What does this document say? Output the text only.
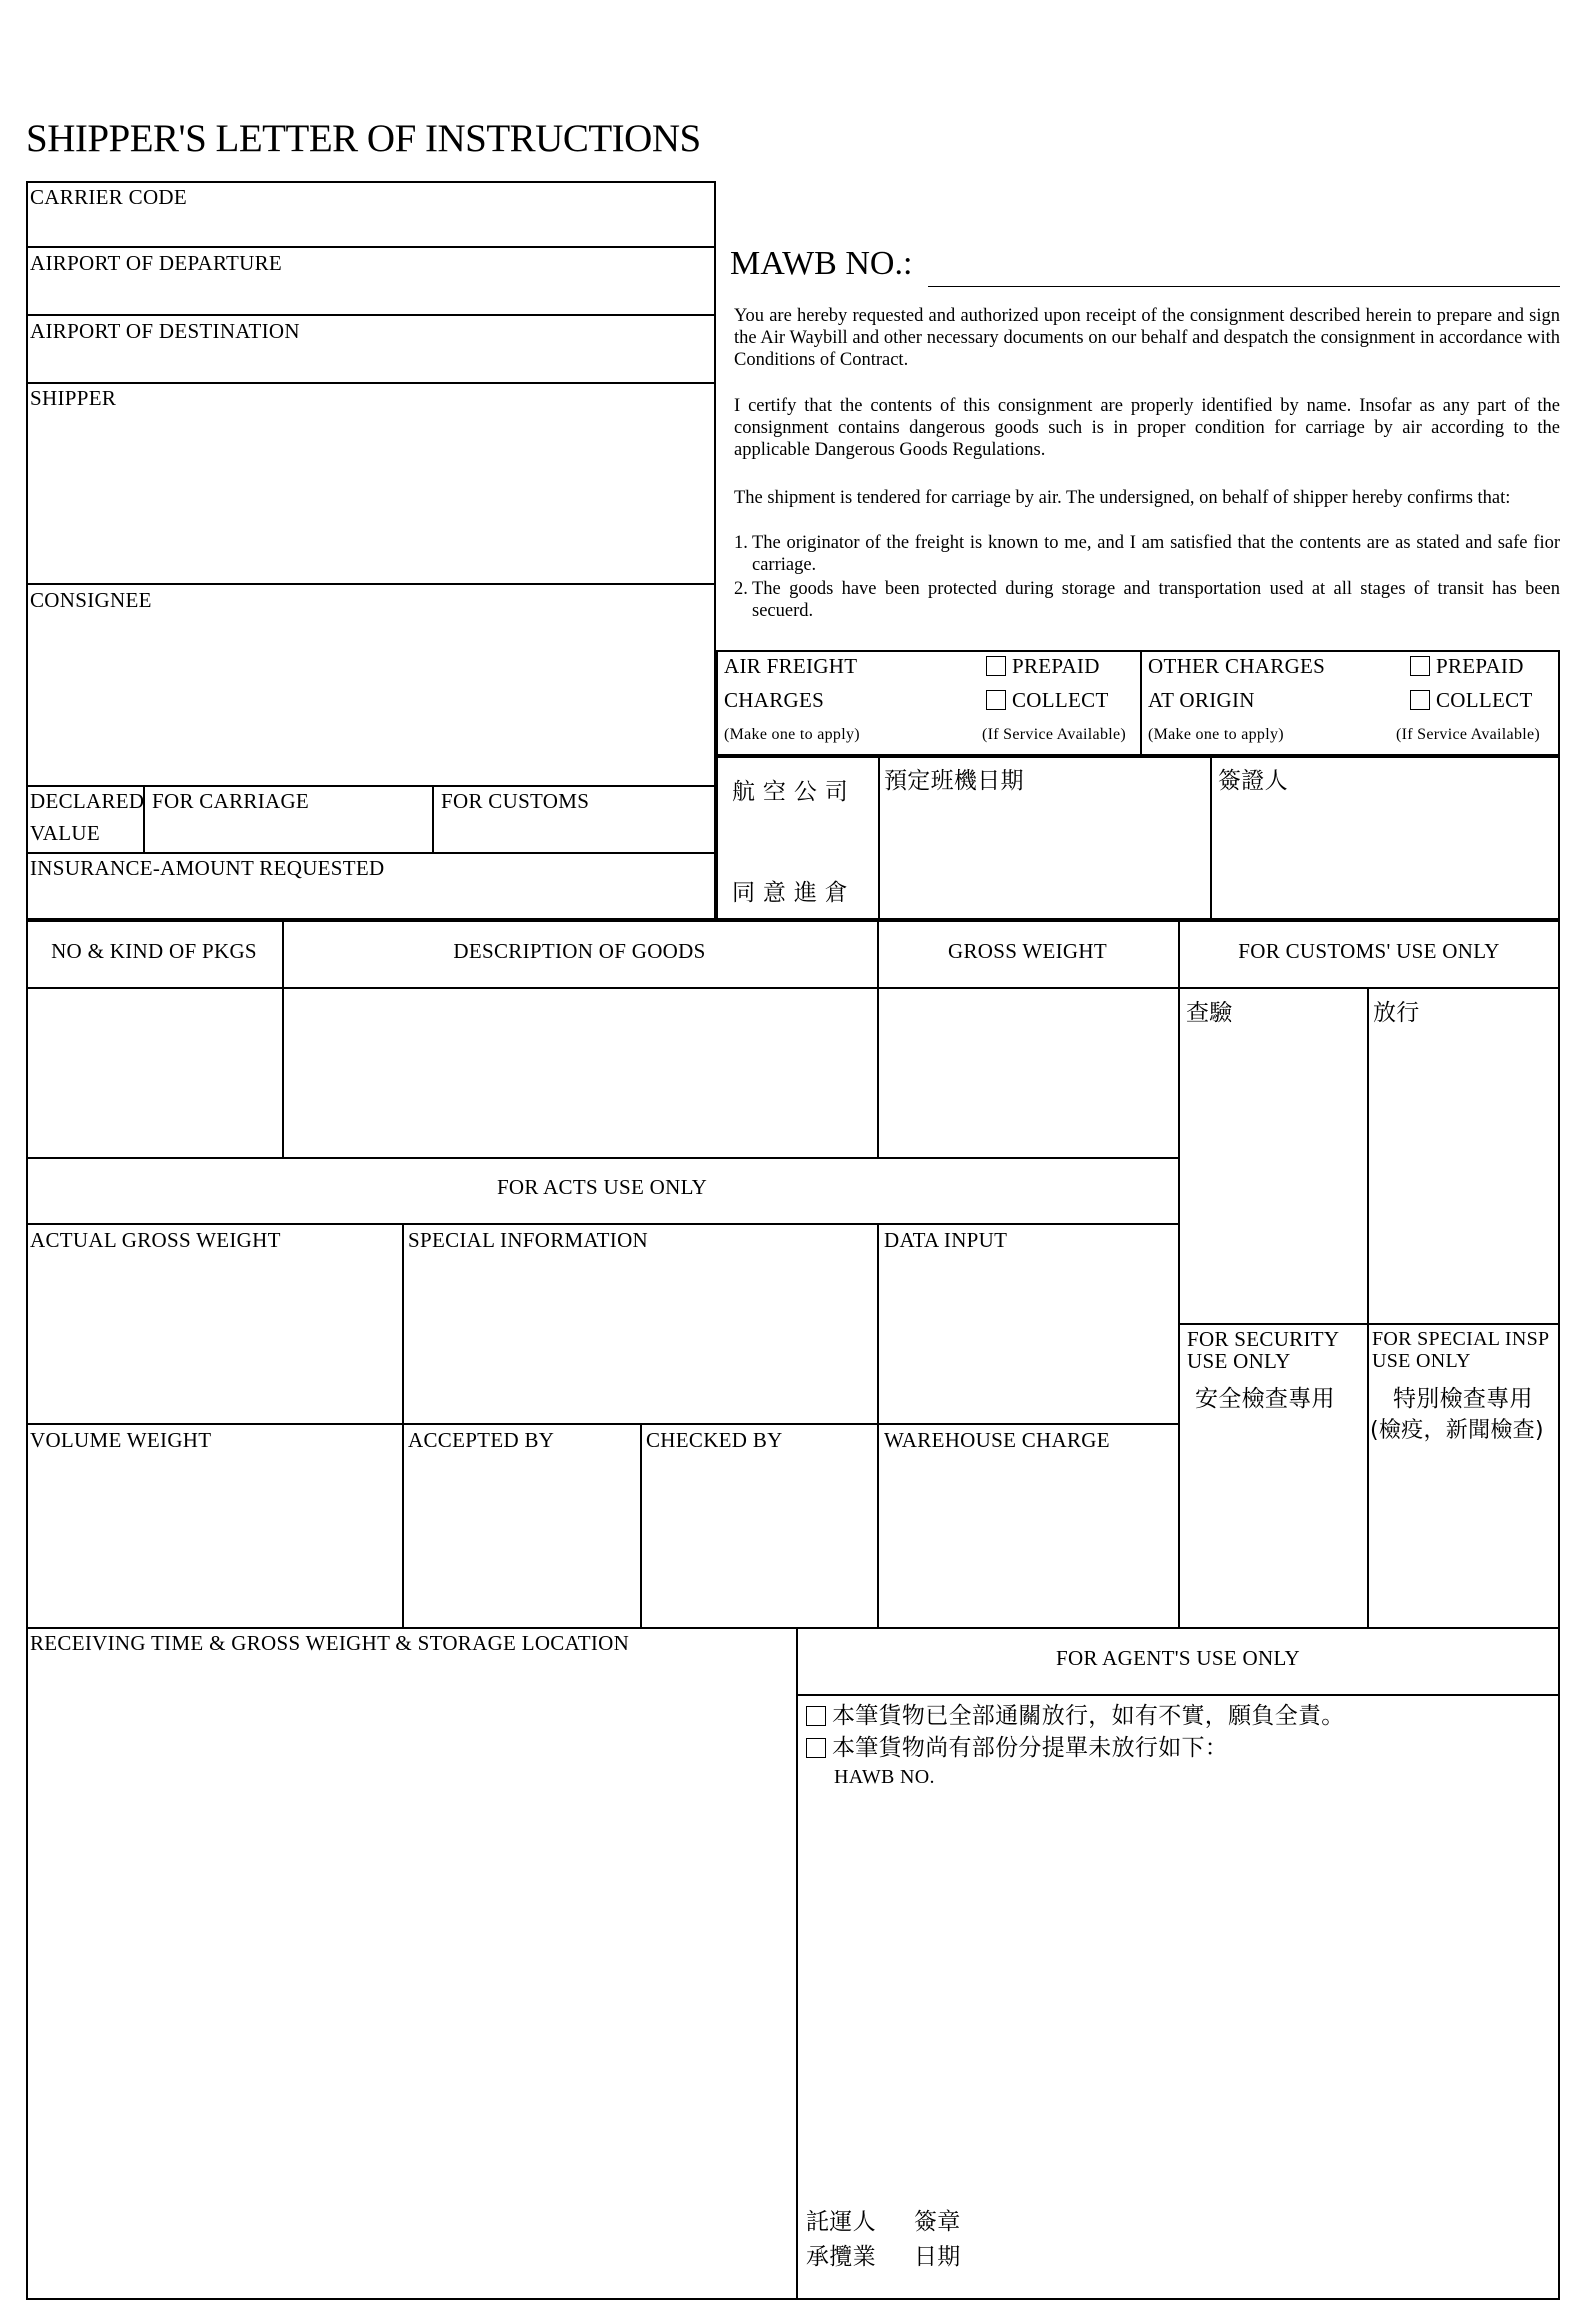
SHIPPER'S LETTER OF INSTRUCTIONS
CARRIER CODE
AIRPORT OF DEPARTURE
AIRPORT OF DESTINATION
SHIPPER
CONSIGNEE
DECLARED
VALUE
FOR CARRIAGE	FOR CUSTOMS
INSURANCE-AMOUNT REQUESTED
MAWB NO.:
You are hereby requested and authorized upon receipt of the consignment described herein to prepare and sign the Air Waybill and other necessary documents on our behalf and despatch the consignment in accordance with Conditions of Contract.
I certify that the contents of this consignment are properly identified by name. Insofar as any part of the consignment contains dangerous goods such is in proper condition for carriage by air according to the applicable Dangerous Goods Regulations.
The shipment is tendered for carriage by air. The undersigned, on behalf of shipper hereby confirms that:
1. The originator of the freight is known to me, and I am satisfied that the contents are as stated and safe fior carriage.
2. The goods have been protected during storage and transportation used at all stages of transit has been secuerd.
AIR FREIGHT
CHARGES
PREPAID
COLLECT
(Make one to apply)	(If Service Available)
OTHER CHARGES
AT ORIGIN
PREPAID
COLLECT
(Make one to apply)	(If Service Available)
航 空 公 司
同 意 進 倉
預定班機日期	簽證人
NO & KIND OF PKGS	DESCRIPTION OF GOODS	GROSS WEIGHT	FOR CUSTOMS' USE ONLY
查驗	放行
FOR SECURITY
USE ONLY
安全檢查專用
FOR SPECIAL INSP
USE ONLY
特別檢查專用
(檢疫，新聞檢查)
FOR ACTS USE ONLY
ACTUAL GROSS WEIGHT	SPECIAL INFORMATION	DATA INPUT
VOLUME WEIGHT	ACCEPTED BY	CHECKED BY	WAREHOUSE CHARGE
RECEIVING TIME & GROSS WEIGHT & STORAGE LOCATION
FOR AGENT'S USE ONLY
本筆貨物已全部通關放行，如有不實，願負全責。
本筆貨物尚有部份分提單未放行如下：
HAWB NO.
託運人 簽章
承攬業 日期
